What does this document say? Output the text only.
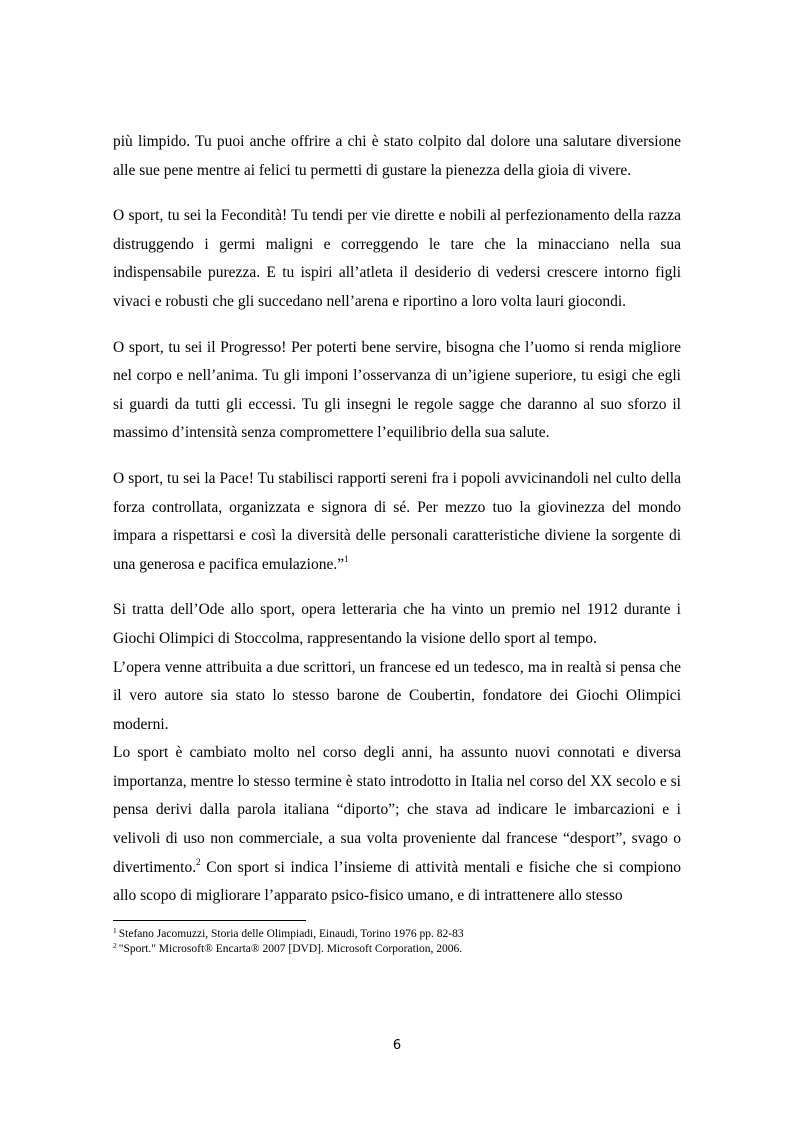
più limpido. Tu puoi anche offrire a chi è stato colpito dal dolore una salutare diversione alle sue pene mentre ai felici tu permetti di gustare la pienezza della gioia di vivere.

O sport, tu sei la Fecondità! Tu tendi per vie dirette e nobili al perfezionamento della razza distruggendo i germi maligni e correggendo le tare che la minacciano nella sua indispensabile purezza. E tu ispiri all’atleta il desiderio di vedersi crescere intorno figli vivaci e robusti che gli succedano nell’arena e riportino a loro volta lauri giocondi.

O sport, tu sei il Progresso! Per poterti bene servire, bisogna che l’uomo si renda migliore nel corpo e nell’anima. Tu gli imponi l’osservanza di un’igiene superiore, tu esigi che egli si guardi da tutti gli eccessi. Tu gli insegni le regole sagge che daranno al suo sforzo il massimo d’intensità senza compromettere l’equilibrio della sua salute.

O sport, tu sei la Pace! Tu stabilisci rapporti sereni fra i popoli avvicinandoli nel culto della forza controllata, organizzata e signora di sé. Per mezzo tuo la giovinezza del mondo impara a rispettarsi e così la diversità delle personali caratteristiche diviene la sorgente di una generosa e pacifica emulazione.”$^1$

Si tratta dell’Ode allo sport, opera letteraria che ha vinto un premio nel 1912 durante i Giochi Olimpici di Stoccolma, rappresentando la visione dello sport al tempo.

L’opera venne attribuita a due scrittori, un francese ed un tedesco, ma in realtà si pensa che il vero autore sia stato lo stesso barone de Coubertin, fondatore dei Giochi Olimpici moderni.

Lo sport è cambiato molto nel corso degli anni, ha assunto nuovi connotati e diversa importanza, mentre lo stesso termine è stato introdotto in Italia nel corso del XX secolo e si pensa derivi dalla parola italiana “diporto”; che stava ad indicare le imbarcazioni e i velivoli di uso non commerciale, a sua volta proveniente dal francese “desport”, svago o divertimento.$^2$ Con sport si indica l’insieme di attività mentali e fisiche che si compiono allo scopo di migliorare l’apparato psico-fisico umano, e di intrattenere allo stesso

$^1$ Stefano Jacomuzzi, Storia delle Olimpiadi, Einaudi, Torino 1976 pp. 82-83
$^2$ "Sport." Microsoft® Encarta® 2007 [DVD]. Microsoft Corporation, 2006.
6
